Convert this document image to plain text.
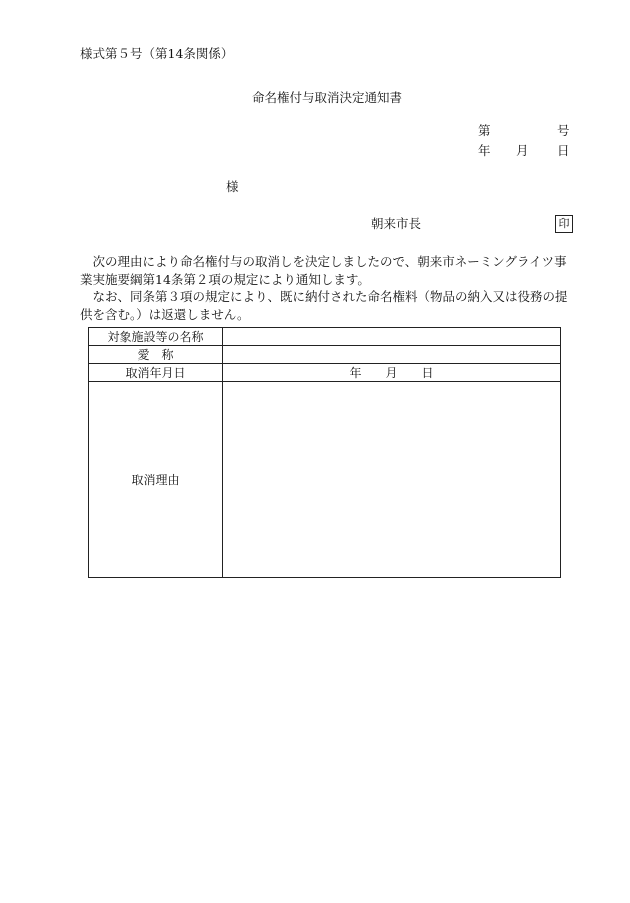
様式第５号（第14条関係）
命名権付与取消決定通知書
第	号
年 月 日
様
朝来市長	印

　次の理由により命名権付与の取消しを決定しましたので、朝来市ネーミングライツ事業実施要綱第14条第２項の規定により通知します。

　なお、同条第３項の規定により、既に納付された命名権料（物品の納入又は役務の提供を含む。）は返還しません。

対象施設等の名称	
愛　称	
取消年月日	年　　月　　日
取消理由	
